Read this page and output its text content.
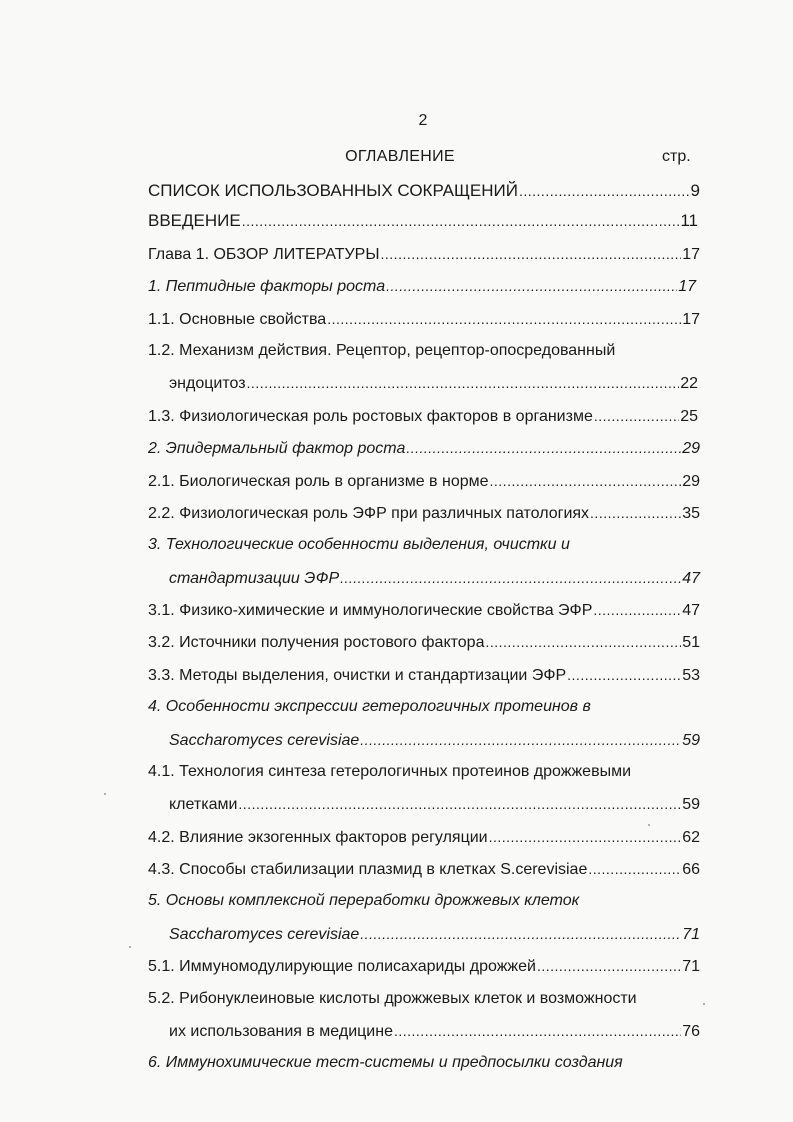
2
ОГЛАВЛЕНИЕ	стр.
СПИСОК ИСПОЛЬЗОВАННЫХ СОКРАЩЕНИЙ .....	9
ВВЕДЕНИЕ .....	11
Глава 1. ОБЗОР ЛИТЕРАТУРЫ .....	17
1. Пептидные факторы роста .....	17
1.1. Основные свойства .....	17
1.2. Механизм действия. Рецептор, рецептор-опосредованный
эндоцитоз .....	22
1.3. Физиологическая роль ростовых факторов в организме .....	25
2. Эпидермальный фактор роста .....	29
2.1. Биологическая роль в организме в норме .....	29
2.2. Физиологическая роль ЭФР при различных патологиях .....	35
3. Технологические особенности выделения, очистки и
стандартизации ЭФР .....	47
3.1. Физико-химические и иммунологические свойства ЭФР .....	47
3.2. Источники получения ростового фактора .....	51
3.3. Методы выделения, очистки и стандартизации ЭФР .....	53
4. Особенности экспрессии гетерологичных протеинов в
Saccharomyces cerevisiae .....	59
4.1. Технология синтеза гетерологичных протеинов дрожжевыми
клетками .....	59
4.2. Влияние экзогенных факторов регуляции .....	62
4.3. Способы стабилизации плазмид в клетках S.cerevisiae .....	66
5. Основы комплексной переработки дрожжевых клеток
Saccharomyces cerevisiae .....	71
5.1. Иммуномодулирующие полисахариды дрожжей .....	71
5.2. Рибонуклеиновые кислоты дрожжевых клеток и возможности
их использования в медицине .....	76
6. Иммунохимические тест-системы и предпосылки создания
